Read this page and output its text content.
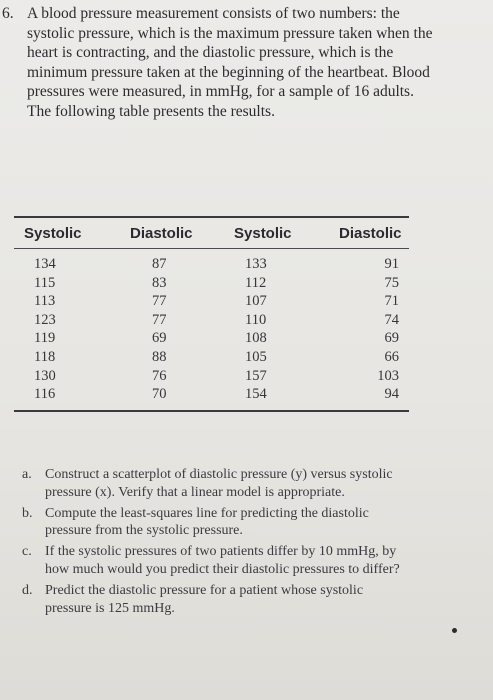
6. A blood pressure measurement consists of two numbers: the systolic pressure, which is the maximum pressure taken when the heart is contracting, and the diastolic pressure, which is the minimum pressure taken at the beginning of the heartbeat. Blood pressures were measured, in mmHg, for a sample of 16 adults. The following table presents the results.
Systolic	Diastolic	Systolic	Diastolic
134	87	133	91
115	83	112	75
113	77	107	71
123	77	110	74
119	69	108	69
118	88	105	66
130	76	157	103
116	70	154	94
a. Construct a scatterplot of diastolic pressure (y) versus systolic pressure (x). Verify that a linear model is appropriate.
b. Compute the least-squares line for predicting the diastolic pressure from the systolic pressure.
c. If the systolic pressures of two patients differ by 10 mmHg, by how much would you predict their diastolic pressures to differ?
d. Predict the diastolic pressure for a patient whose systolic pressure is 125 mmHg.
